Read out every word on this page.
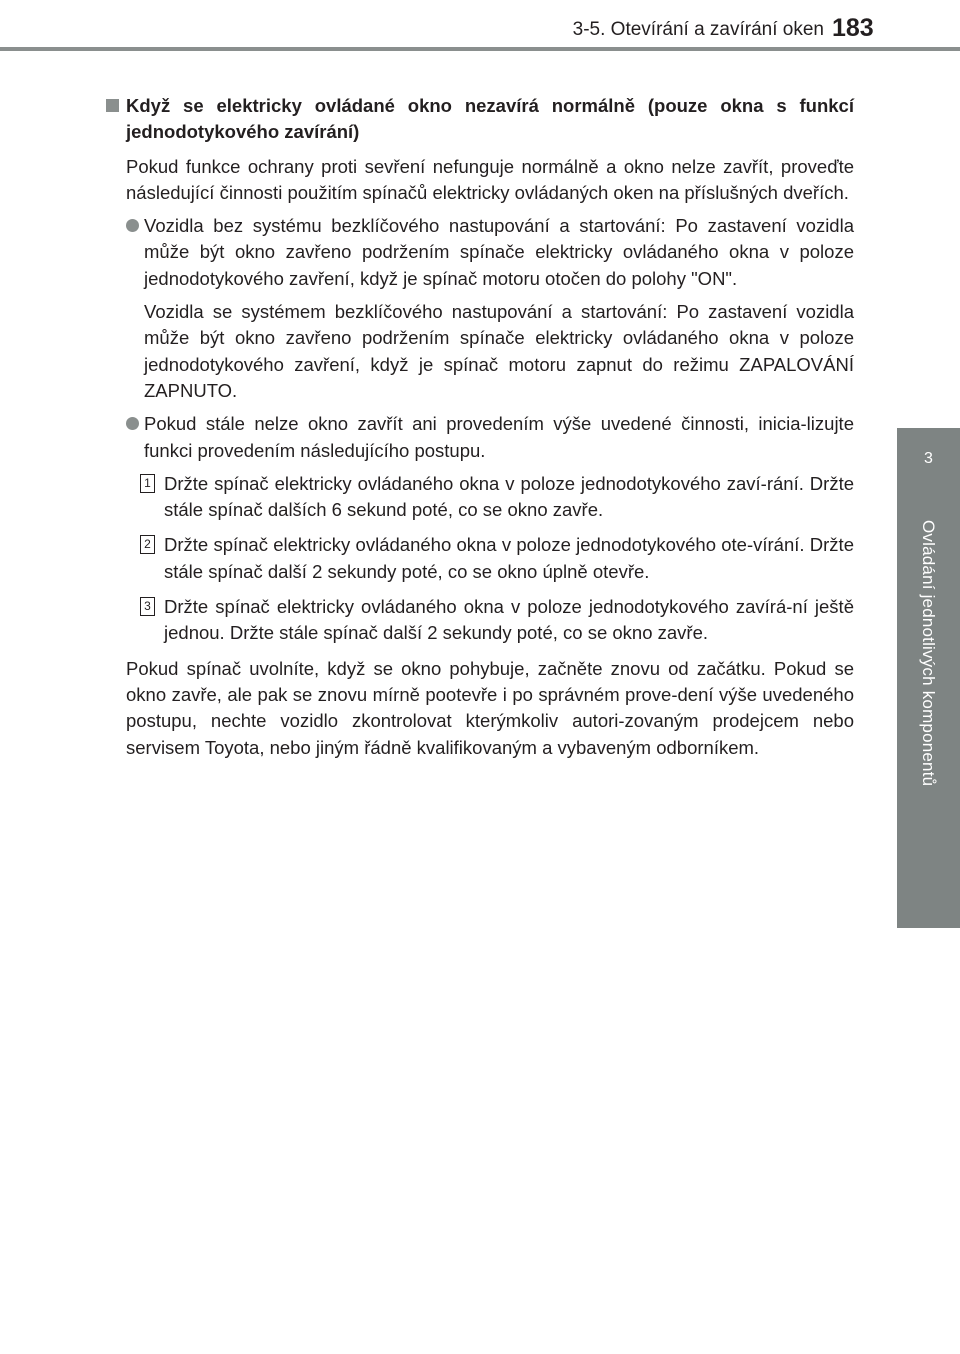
3-5. Otevírání a zavírání oken 183
3
Ovládání jednotlivých komponentů
Když se elektricky ovládané okno nezavírá normálně (pouze okna s funkcí jednodotykového zavírání)

Pokud funkce ochrany proti sevření nefunguje normálně a okno nelze zavřít, proveďte následující činnosti použitím spínačů elektricky ovládaných oken na příslušných dveřích.

Vozidla bez systému bezklíčového nastupování a startování: Po zastavení vozidla může být okno zavřeno podržením spínače elektricky ovládaného okna v poloze jednodotykového zavření, když je spínač motoru otočen do polohy "ON".

Vozidla se systémem bezklíčového nastupování a startování: Po zastavení vozidla může být okno zavřeno podržením spínače elektricky ovládaného okna v poloze jednodotykového zavření, když je spínač motoru zapnut do režimu ZAPALOVÁNÍ ZAPNUTO.

Pokud stále nelze okno zavřít ani provedením výše uvedené činnosti, inicia-lizujte funkci provedením následujícího postupu.
1 Držte spínač elektricky ovládaného okna v poloze jednodotykového zaví-rání. Držte stále spínač dalších 6 sekund poté, co se okno zavře.
2 Držte spínač elektricky ovládaného okna v poloze jednodotykového ote-vírání. Držte stále spínač další 2 sekundy poté, co se okno úplně otevře.
3 Držte spínač elektricky ovládaného okna v poloze jednodotykového zavírá-ní ještě jednou. Držte stále spínač další 2 sekundy poté, co se okno zavře.

Pokud spínač uvolníte, když se okno pohybuje, začněte znovu od začátku. Pokud se okno zavře, ale pak se znovu mírně pootevře i po správném prove-dení výše uvedeného postupu, nechte vozidlo zkontrolovat kterýmkoliv autori-zovaným prodejcem nebo servisem Toyota, nebo jiným řádně kvalifikovaným a vybaveným odborníkem.
